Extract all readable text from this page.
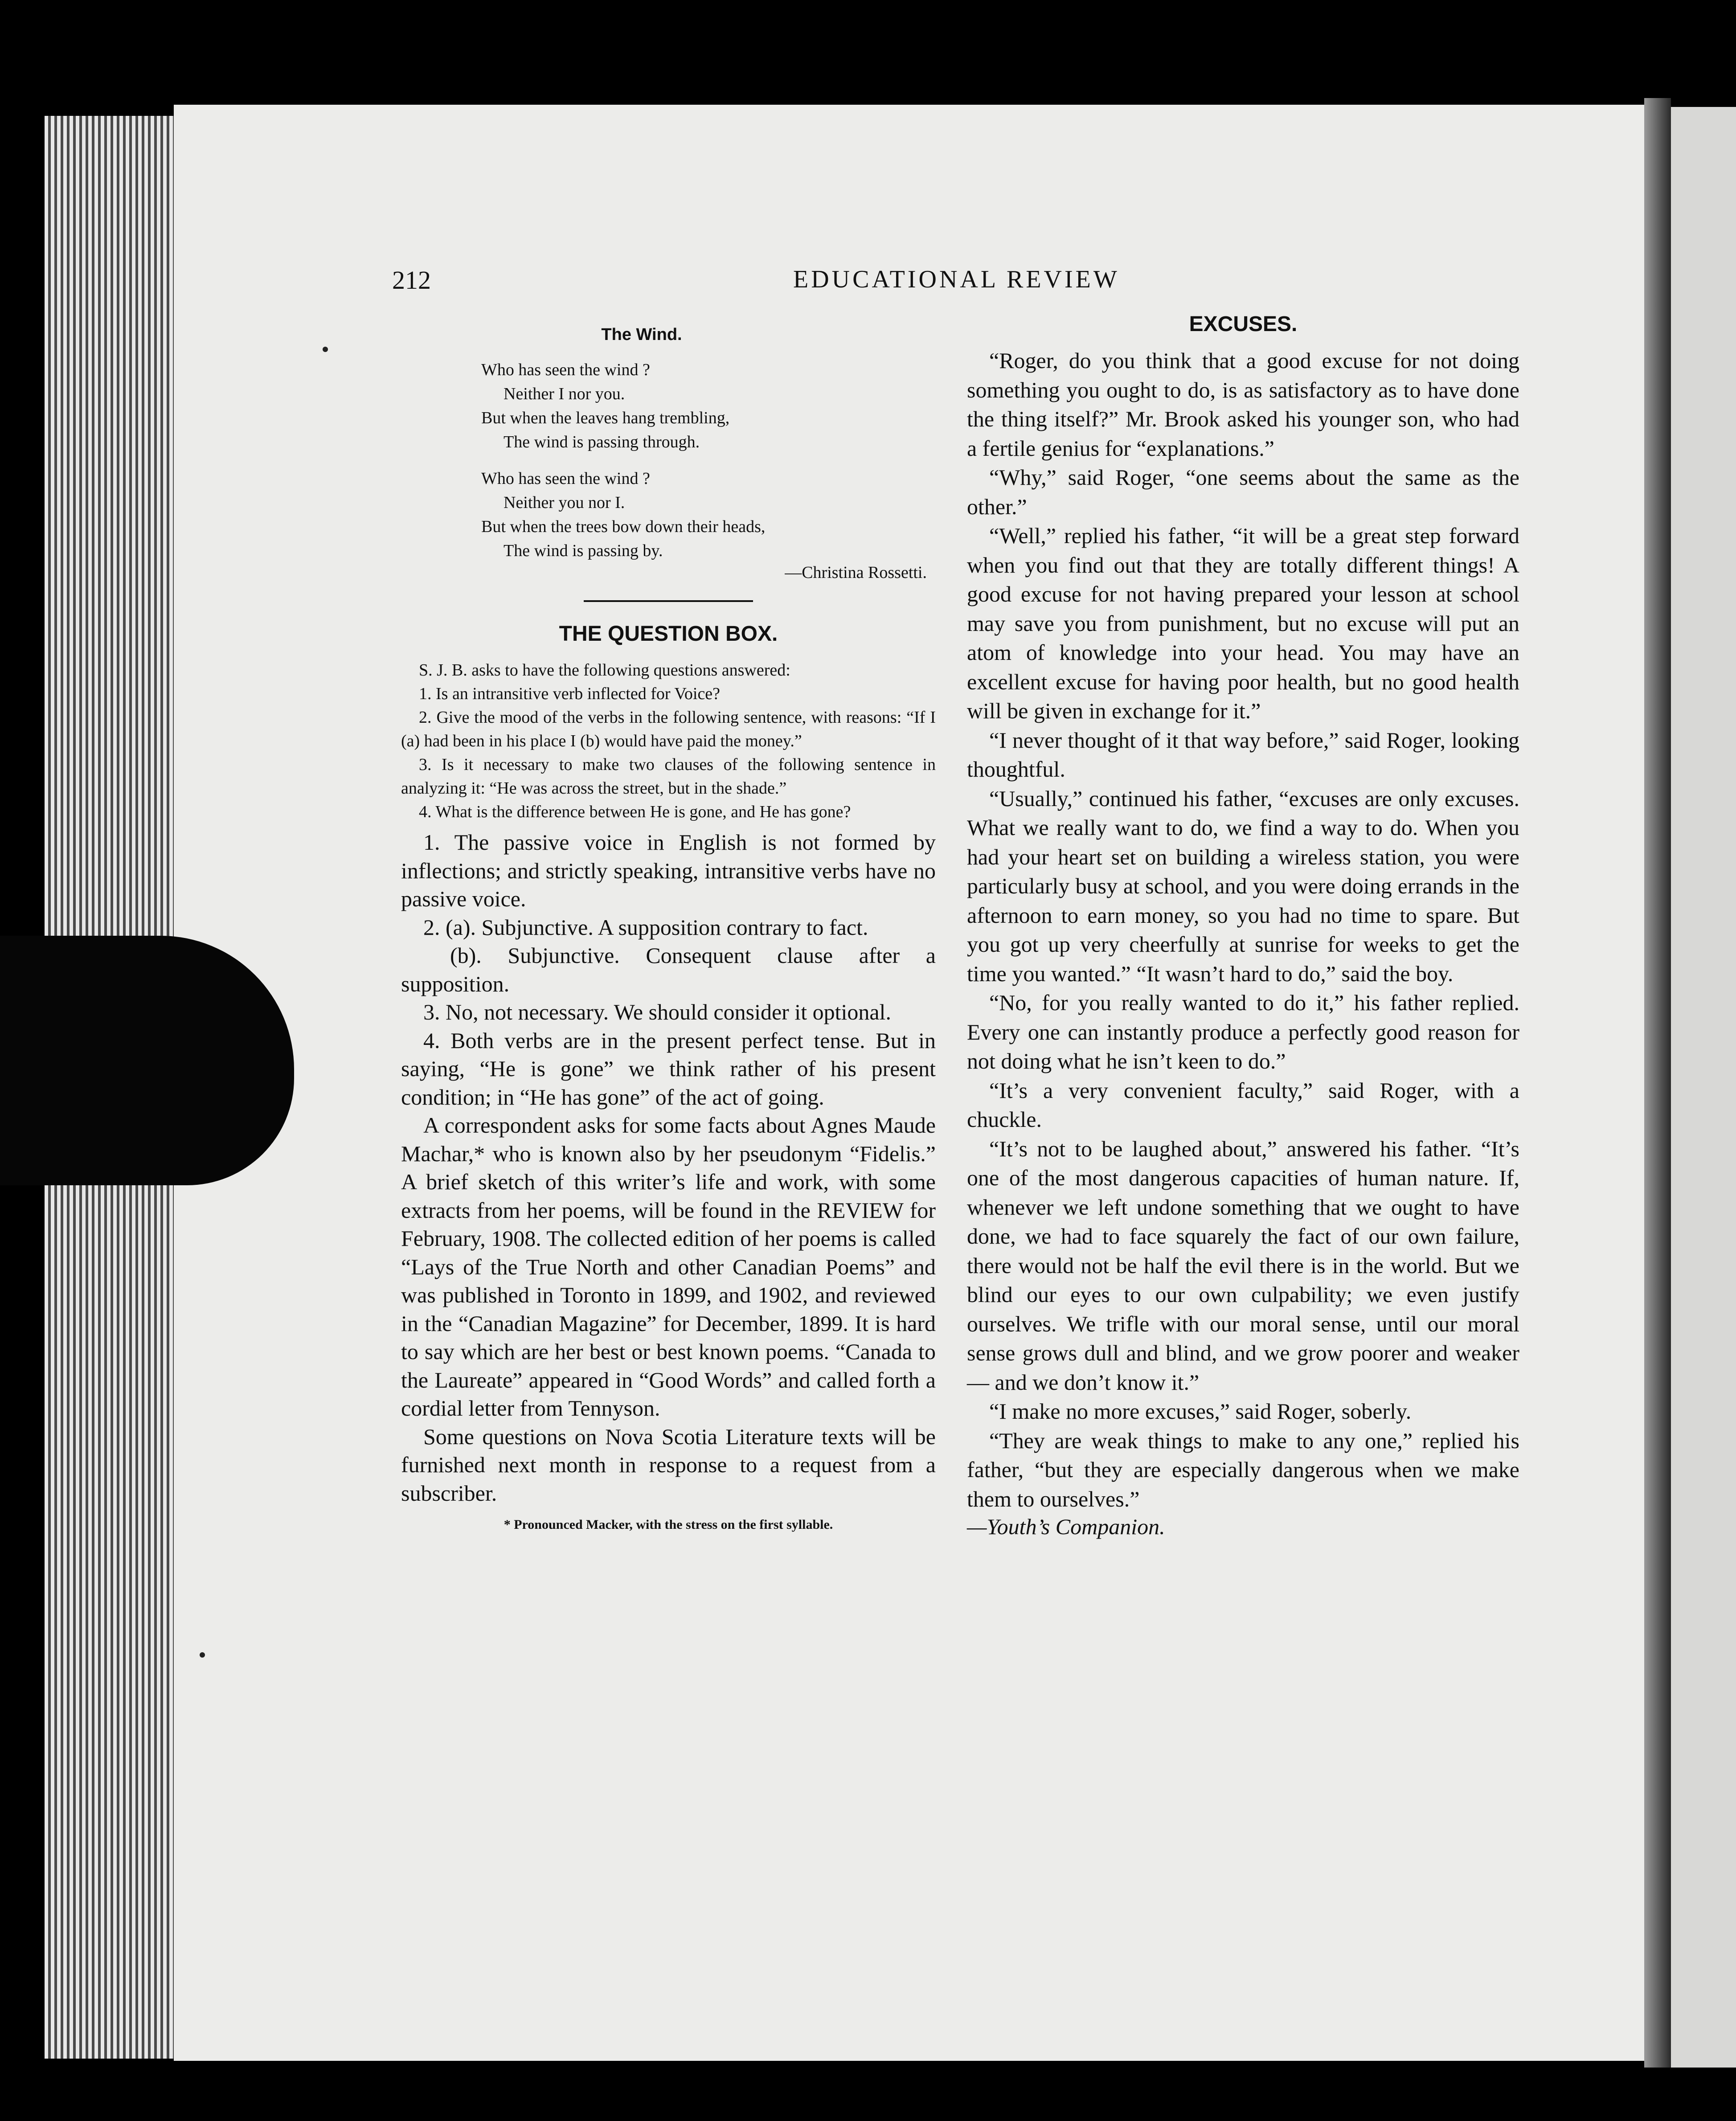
212	EDUCATIONAL REVIEW
The Wind.
Who has seen the wind ?
Neither I nor you.
But when the leaves hang trembling,
The wind is passing through.
Who has seen the wind ?
Neither you nor I.
But when the trees bow down their heads,
The wind is passing by.
—Christina Rossetti.
THE QUESTION BOX.

S. J. B. asks to have the following questions answered:

1. Is an intransitive verb inflected for Voice?

2. Give the mood of the verbs in the following sentence, with reasons: “If I (a) had been in his place I (b) would have paid the money.”

3. Is it necessary to make two clauses of the following sentence in analyzing it: “He was across the street, but in the shade.”

4. What is the difference between He is gone, and He has gone?

1. The passive voice in English is not formed by inflections; and strictly speaking, intransitive verbs have no passive voice.

2. (a). Subjunctive. A supposition contrary to fact.

(b). Subjunctive. Consequent clause after a supposition.

3. No, not necessary. We should consider it optional.

4. Both verbs are in the present perfect tense. But in saying, “He is gone” we think rather of his present condition; in “He has gone” of the act of going.

A correspondent asks for some facts about Agnes Maude Machar,* who is known also by her pseudonym “Fidelis.” A brief sketch of this writer’s life and work, with some extracts from her poems, will be found in the REVIEW for February, 1908. The collected edition of her poems is called “Lays of the True North and other Canadian Poems” and was published in Toronto in 1899, and 1902, and reviewed in the “Canadian Magazine” for December, 1899. It is hard to say which are her best or best known poems. “Canada to the Laureate” appeared in “Good Words” and called forth a cordial letter from Tennyson.

Some questions on Nova Scotia Literature texts will be furnished next month in response to a request from a subscriber.

* Pronounced Macker, with the stress on the first syllable.
EXCUSES.

“Roger, do you think that a good excuse for not doing something you ought to do, is as satisfactory as to have done the thing itself?” Mr. Brook asked his younger son, who had a fertile genius for “explanations.”

“Why,” said Roger, “one seems about the same as the other.”

“Well,” replied his father, “it will be a great step forward when you find out that they are totally different things! A good excuse for not having prepared your lesson at school may save you from punishment, but no excuse will put an atom of knowledge into your head. You may have an excellent excuse for having poor health, but no good health will be given in exchange for it.”

“I never thought of it that way before,” said Roger, looking thoughtful.

“Usually,” continued his father, “excuses are only excuses. What we really want to do, we find a way to do. When you had your heart set on building a wireless station, you were particularly busy at school, and you were doing errands in the afternoon to earn money, so you had no time to spare. But you got up very cheerfully at sunrise for weeks to get the time you wanted.” “It wasn’t hard to do,” said the boy.

“No, for you really wanted to do it,” his father replied. Every one can instantly produce a perfectly good reason for not doing what he isn’t keen to do.”

“It’s a very convenient faculty,” said Roger, with a chuckle.

“It’s not to be laughed about,” answered his father. “It’s one of the most dangerous capacities of human nature. If, whenever we left undone something that we ought to have done, we had to face squarely the fact of our own failure, there would not be half the evil there is in the world. But we blind our eyes to our own culpability; we even justify ourselves. We trifle with our moral sense, until our moral sense grows dull and blind, and we grow poorer and weaker— and we don’t know it.”

“I make no more excuses,” said Roger, soberly.

“They are weak things to make to any one,” replied his father, “but they are especially dangerous when we make them to ourselves.”

—Youth’s Companion.
